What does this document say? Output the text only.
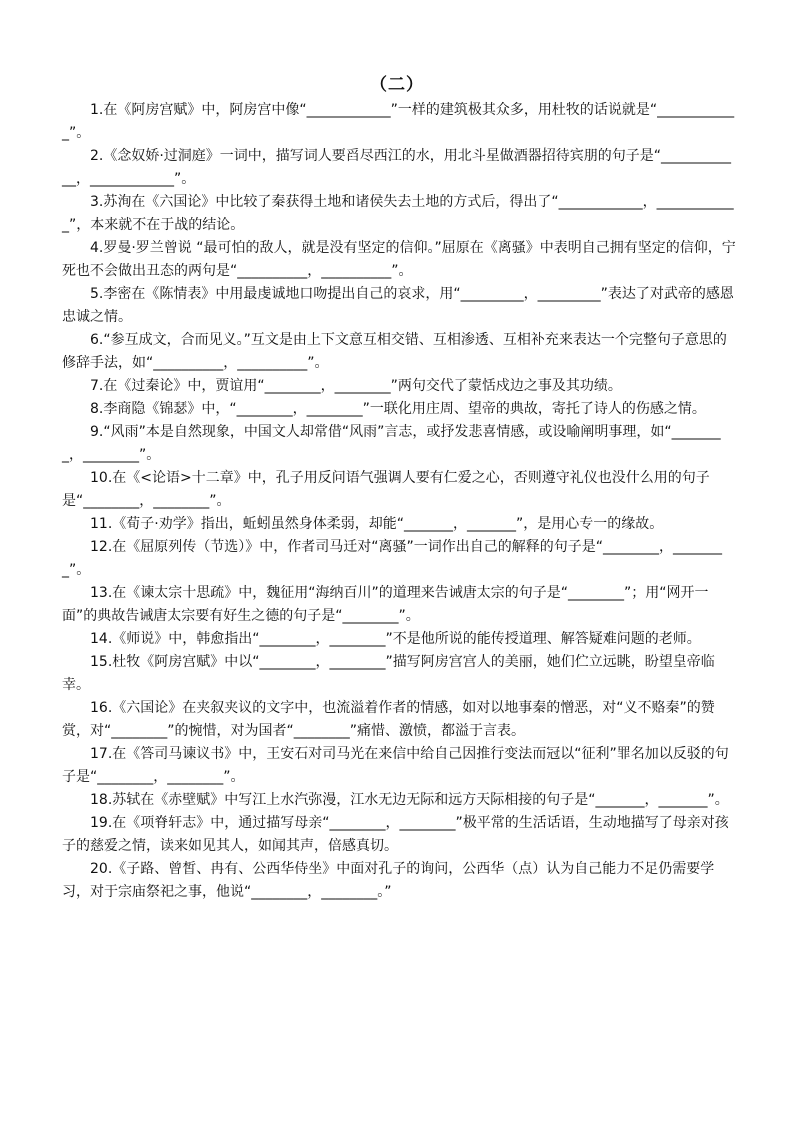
（二）

1.在《阿房宫赋》中，阿房宫中像“____________”一样的建筑极其众多，用杜牧的话说就是“____________”。

2.《念奴娇·过洞庭》一词中，描写词人要舀尽西江的水，用北斗星做酒器招待宾朋的句子是“____________，____________”。

3.苏洵在《六国论》中比较了秦获得土地和诸侯失去土地的方式后，得出了“____________，____________”，本来就不在于战的结论。

4.罗曼·罗兰曾说 “最可怕的敌人，就是没有坚定的信仰。”屈原在《离骚》中表明自己拥有坚定的信仰，宁死也不会做出丑态的两句是“__________，__________”。

5.李密在《陈情表》中用最虔诚地口吻提出自己的哀求，用“_________，_________”表达了对武帝的感恩忠诚之情。

6.“参互成文，合而见义。”互文是由上下文意互相交错、互相渗透、互相补充来表达一个完整句子意思的修辞手法，如“__________，__________”。

7.在《过秦论》中，贾谊用“________，________”两句交代了蒙恬戍边之事及其功绩。

8.李商隐《锦瑟》中，“________，________”一联化用庄周、望帝的典故，寄托了诗人的伤感之情。

9.“风雨”本是自然现象，中国文人却常借“风雨”言志，或抒发悲喜情感，或设喻阐明事理，如“________，________”。

10.在《<论语>十二章》中，孔子用反问语气强调人要有仁爱之心，否则遵守礼仪也没什么用的句子是“________，________”。

11.《荀子·劝学》指出，蚯蚓虽然身体柔弱，却能“_______，_______”，是用心专一的缘故。

12.在《屈原列传（节选）》中，作者司马迁对“离骚”一词作出自己的解释的句子是“________，________”。

13.在《谏太宗十思疏》中，魏征用“海纳百川”的道理来告诫唐太宗的句子是“________”；用“网开一面”的典故告诫唐太宗要有好生之德的句子是“________”。

14.《师说》中，韩愈指出“________，________”不是他所说的能传授道理、解答疑难问题的老师。

15.杜牧《阿房宫赋》中以“________，________”描写阿房宫宫人的美丽，她们伫立远眺，盼望皇帝临幸。

16.《六国论》在夹叙夹议的文字中，也流溢着作者的情感，如对以地事秦的憎恶，对“义不赂秦”的赞赏，对“________”的惋惜，对为国者“________”痛惜、激愤，都溢于言表。

17.在《答司马谏议书》中，王安石对司马光在来信中给自己因推行变法而冠以“征利”罪名加以反驳的句子是“________，________”。

18.苏轼在《赤壁赋》中写江上水汽弥漫，江水无边无际和远方天际相接的句子是“_______，_______”。

19.在《项脊轩志》中，通过描写母亲“________，________”极平常的生活话语，生动地描写了母亲对孩子的慈爱之情，读来如见其人，如闻其声，倍感真切。

20.《子路、曾皙、冉有、公西华侍坐》中面对孔子的询问，公西华（点）认为自己能力不足仍需要学习，对于宗庙祭祀之事，他说“________，________。”
